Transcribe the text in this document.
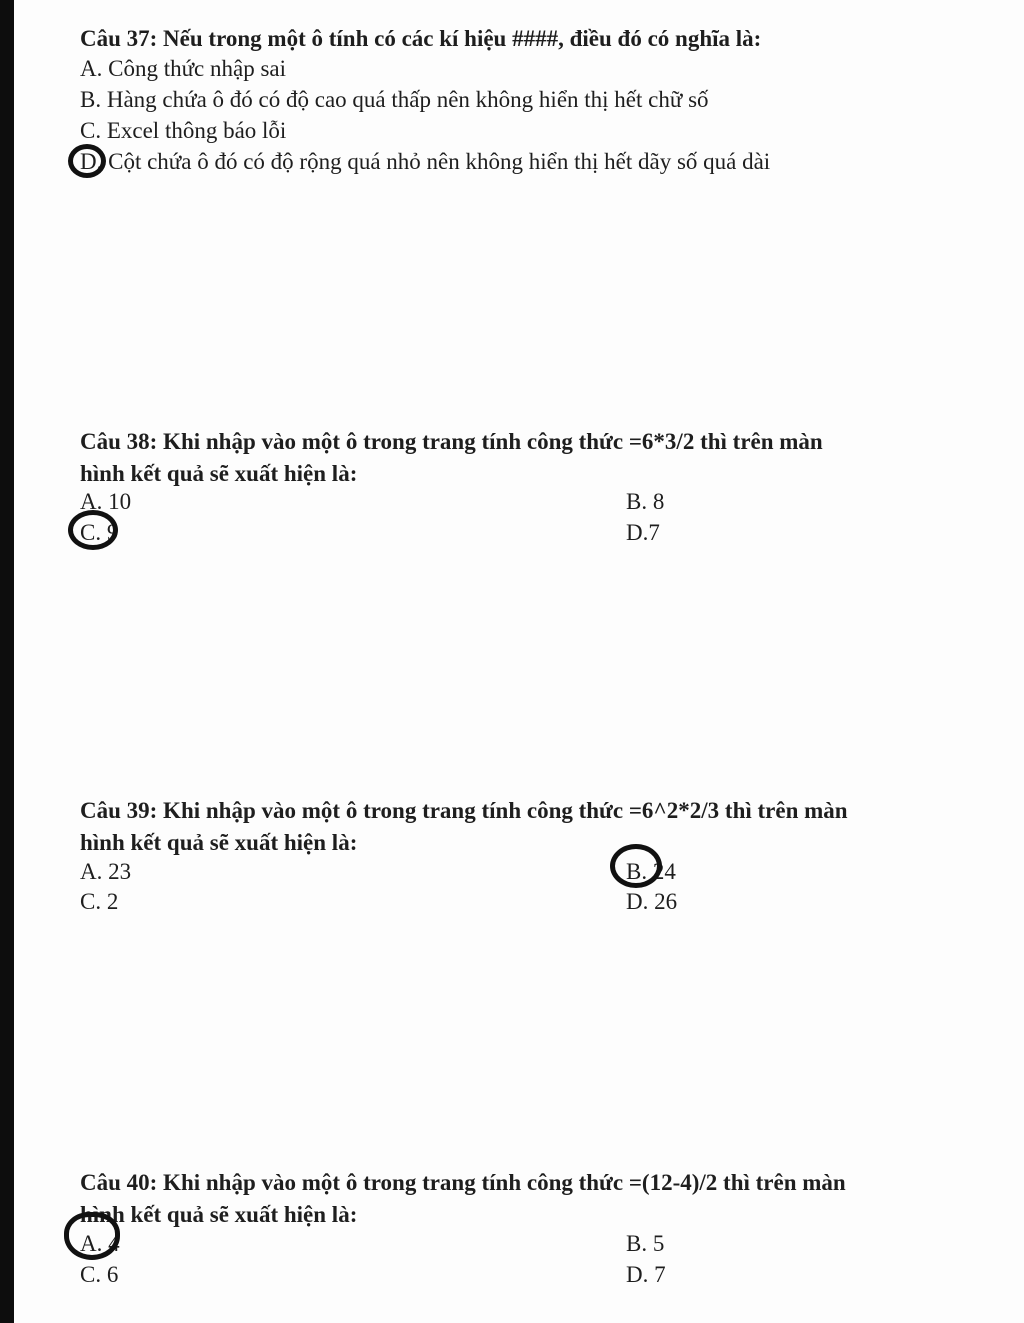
Câu 37: Nếu trong một ô tính có các kí hiệu ####, điều đó có nghĩa là:
A. Công thức nhập sai
B. Hàng chứa ô đó có độ cao quá thấp nên không hiển thị hết chữ số
C. Excel thông báo lỗi
D. Cột chứa ô đó có độ rộng quá nhỏ nên không hiển thị hết dãy số quá dài
Câu 38: Khi nhập vào một ô trong trang tính công thức =6*3/2 thì trên màn
hình kết quả sẽ xuất hiện là:
A. 10	B. 8
C. 9	D.7
Câu 39: Khi nhập vào một ô trong trang tính công thức =6^2*2/3 thì trên màn
hình kết quả sẽ xuất hiện là:
A. 23	B. 24
C. 2	D. 26
Câu 40: Khi nhập vào một ô trong trang tính công thức =(12-4)/2 thì trên màn
hình kết quả sẽ xuất hiện là:
A. 4	B. 5
C. 6	D. 7
